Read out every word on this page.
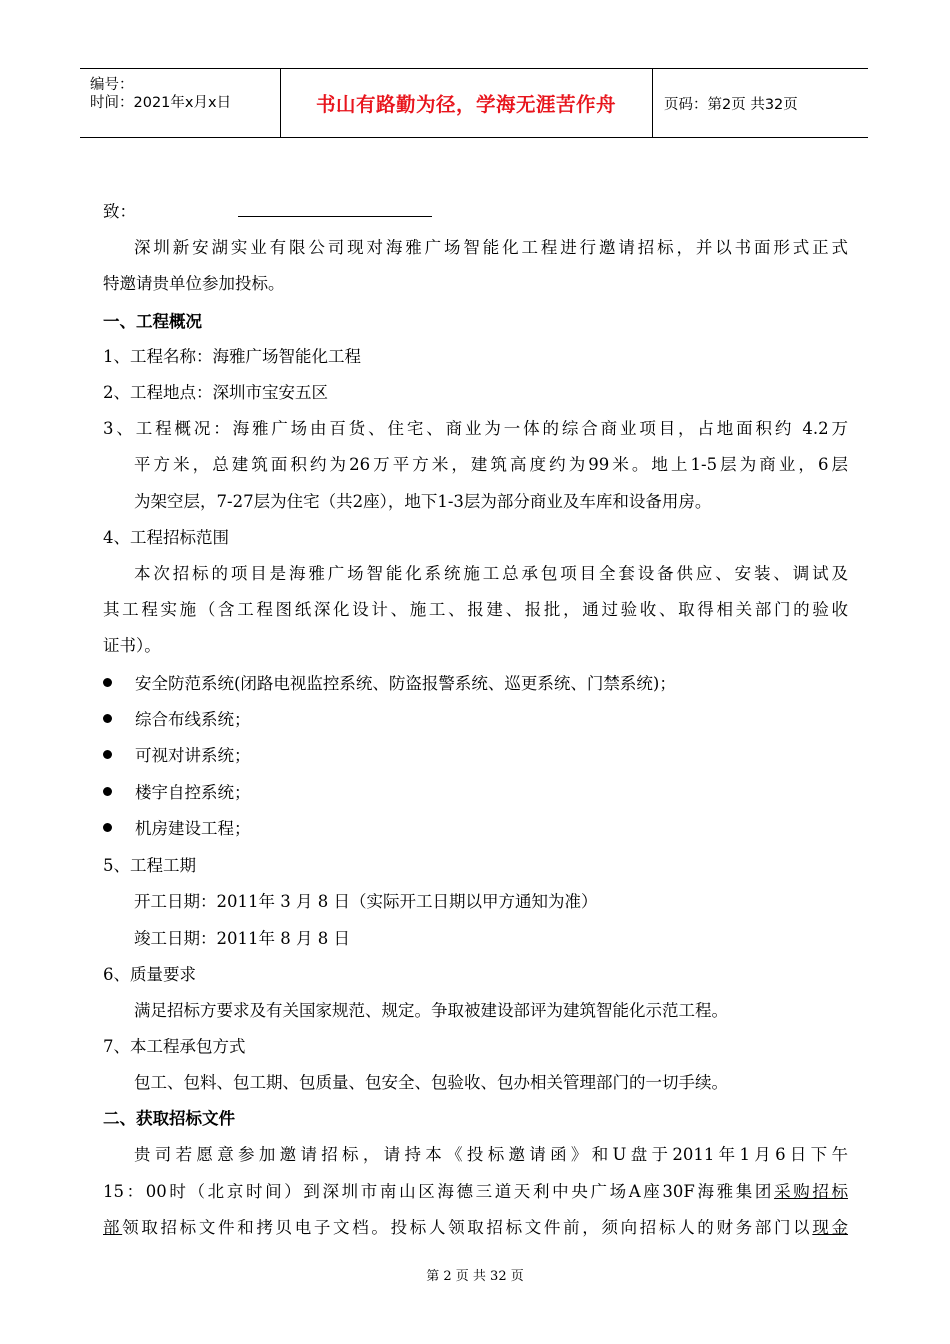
编号：
时间：2021年x月x日	书山有路勤为径，学海无涯苦作舟	页码：第2页 共32页
致：
深圳新安湖实业有限公司现对海雅广场智能化工程进行邀请招标，并以书面形式正式
特邀请贵单位参加投标。
一、工程概况
1、工程名称：海雅广场智能化工程
2、工程地点：深圳市宝安五区
3、工程概况：海雅广场由百货、住宅、商业为一体的综合商业项目，占地面积约 4.2万
平方米，总建筑面积约为26万平方米，建筑高度约为99米。地上1-5层为商业，6层
为架空层，7-27层为住宅（共2座），地下1-3层为部分商业及车库和设备用房。
4、工程招标范围
本次招标的项目是海雅广场智能化系统施工总承包项目全套设备供应、安装、调试及
其工程实施（含工程图纸深化设计、施工、报建、报批，通过验收、取得相关部门的验收
证书）。
安全防范系统(闭路电视监控系统、防盗报警系统、巡更系统、门禁系统)；
综合布线系统；
可视对讲系统；
楼宇自控系统；
机房建设工程；
5、工程工期
开工日期：2011年 3 月 8 日（实际开工日期以甲方通知为准）
竣工日期：2011年 8 月 8 日
6、质量要求
满足招标方要求及有关国家规范、规定。争取被建设部评为建筑智能化示范工程。
7、本工程承包方式
包工、包料、包工期、包质量、包安全、包验收、包办相关管理部门的一切手续。
二、获取招标文件
贵司若愿意参加邀请招标，请持本《投标邀请函》和U盘于2011年1月6日下午
15：00时（北京时间）到深圳市南山区海德三道天利中央广场A座30F海雅集团采购招标
部领取招标文件和拷贝电子文档。投标人领取招标文件前，须向招标人的财务部门以现金
第 2 页 共 32 页
